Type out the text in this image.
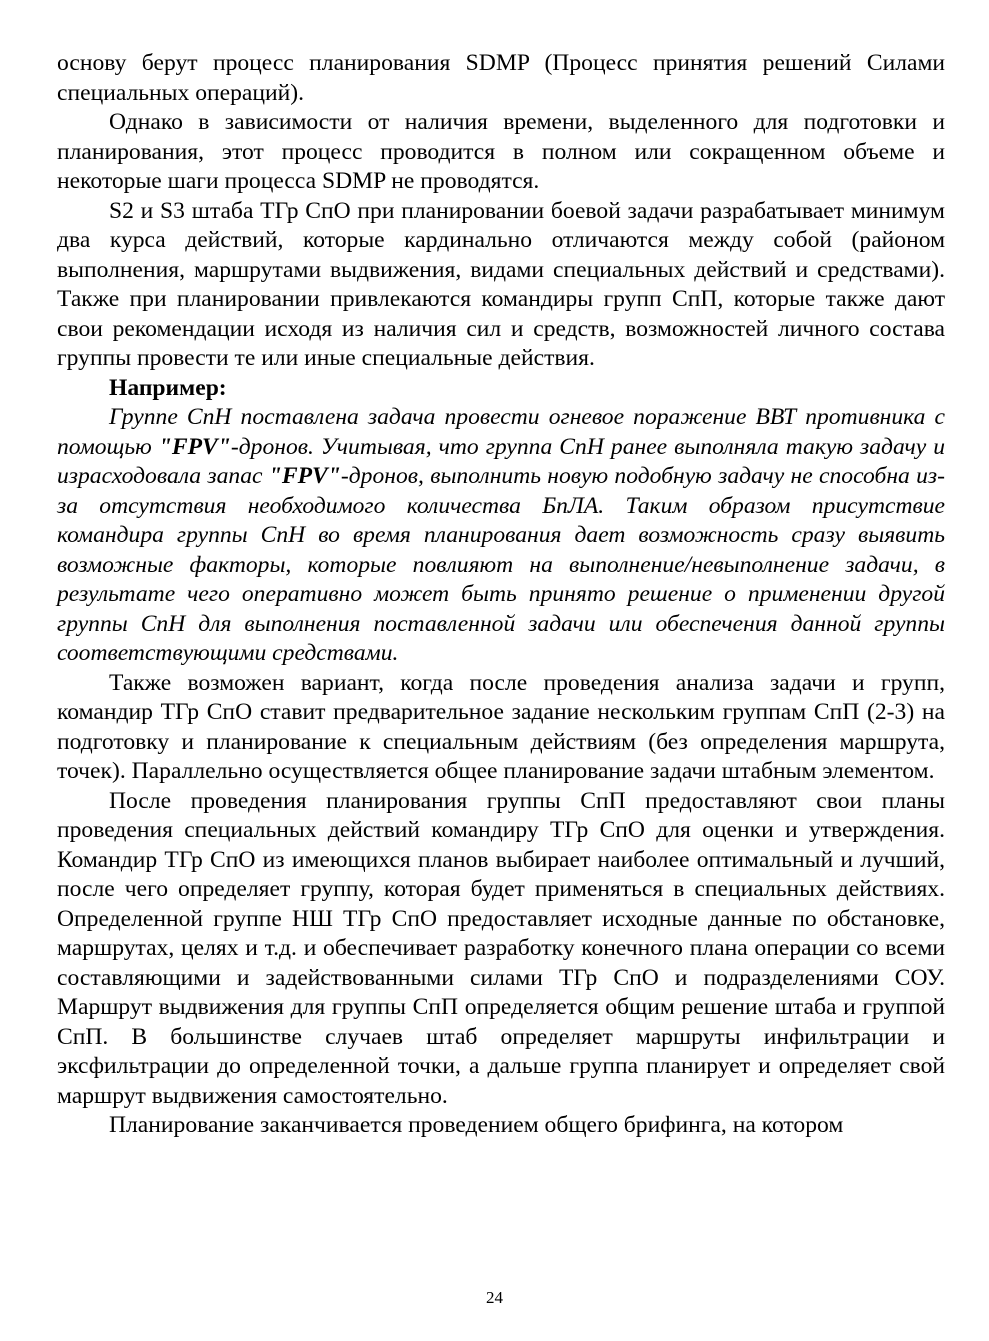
основу берут процесс планирования SDMP (Процесс принятия решений Силами специальных операций).

Однако в зависимости от наличия времени, выделенного для подготовки и планирования, этот процесс проводится в полном или сокращенном объеме и некоторые шаги процесса SDMP не проводятся.

S2 и S3 штаба ТГр СпО при планировании боевой задачи разрабатывает минимум два курса действий, которые кардинально отличаются между собой (районом выполнения, маршрутами выдвижения, видами специальных действий и средствами). Также при планировании привлекаются командиры групп СпП, которые также дают свои рекомендации исходя из наличия сил и средств, возможностей личного состава группы провести те или иные специальные действия.

Например:

Группе СпН поставлена задача провести огневое поражение ВВТ противника с помощью "FPV"-дронов. Учитывая, что группа СпН ранее выполняла такую задачу и израсходовала запас "FPV"-дронов, выполнить новую подобную задачу не способна из-за отсутствия необходимого количества БпЛА. Таким образом присутствие командира группы СпН во время планирования дает возможность сразу выявить возможные факторы, которые повлияют на выполнение/невыполнение задачи, в результате чего оперативно может быть принято решение о применении другой группы СпН для выполнения поставленной задачи или обеспечения данной группы соответствующими средствами.

Также возможен вариант, когда после проведения анализа задачи и групп, командир ТГр СпО ставит предварительное задание нескольким группам СпП (2-3) на подготовку и планирование к специальным действиям (без определения маршрута, точек). Параллельно осуществляется общее планирование задачи штабным элементом.

После проведения планирования группы СпП предоставляют свои планы проведения специальных действий командиру ТГр СпО для оценки и утверждения. Командир ТГр СпО из имеющихся планов выбирает наиболее оптимальный и лучший, после чего определяет группу, которая будет применяться в специальных действиях. Определенной группе НШ ТГр СпО предоставляет исходные данные по обстановке, маршрутах, целях и т.д. и обеспечивает разработку конечного плана операции со всеми составляющими и задействованными силами ТГр СпО и подразделениями СОУ. Маршрут выдвижения для группы СпП определяется общим решение штаба и группой СпП. В большинстве случаев штаб определяет маршруты инфильтрации и эксфильтрации до определенной точки, а дальше группа планирует и определяет свой маршрут выдвижения самостоятельно.

Планирование заканчивается проведением общего брифинга, на котором

24
